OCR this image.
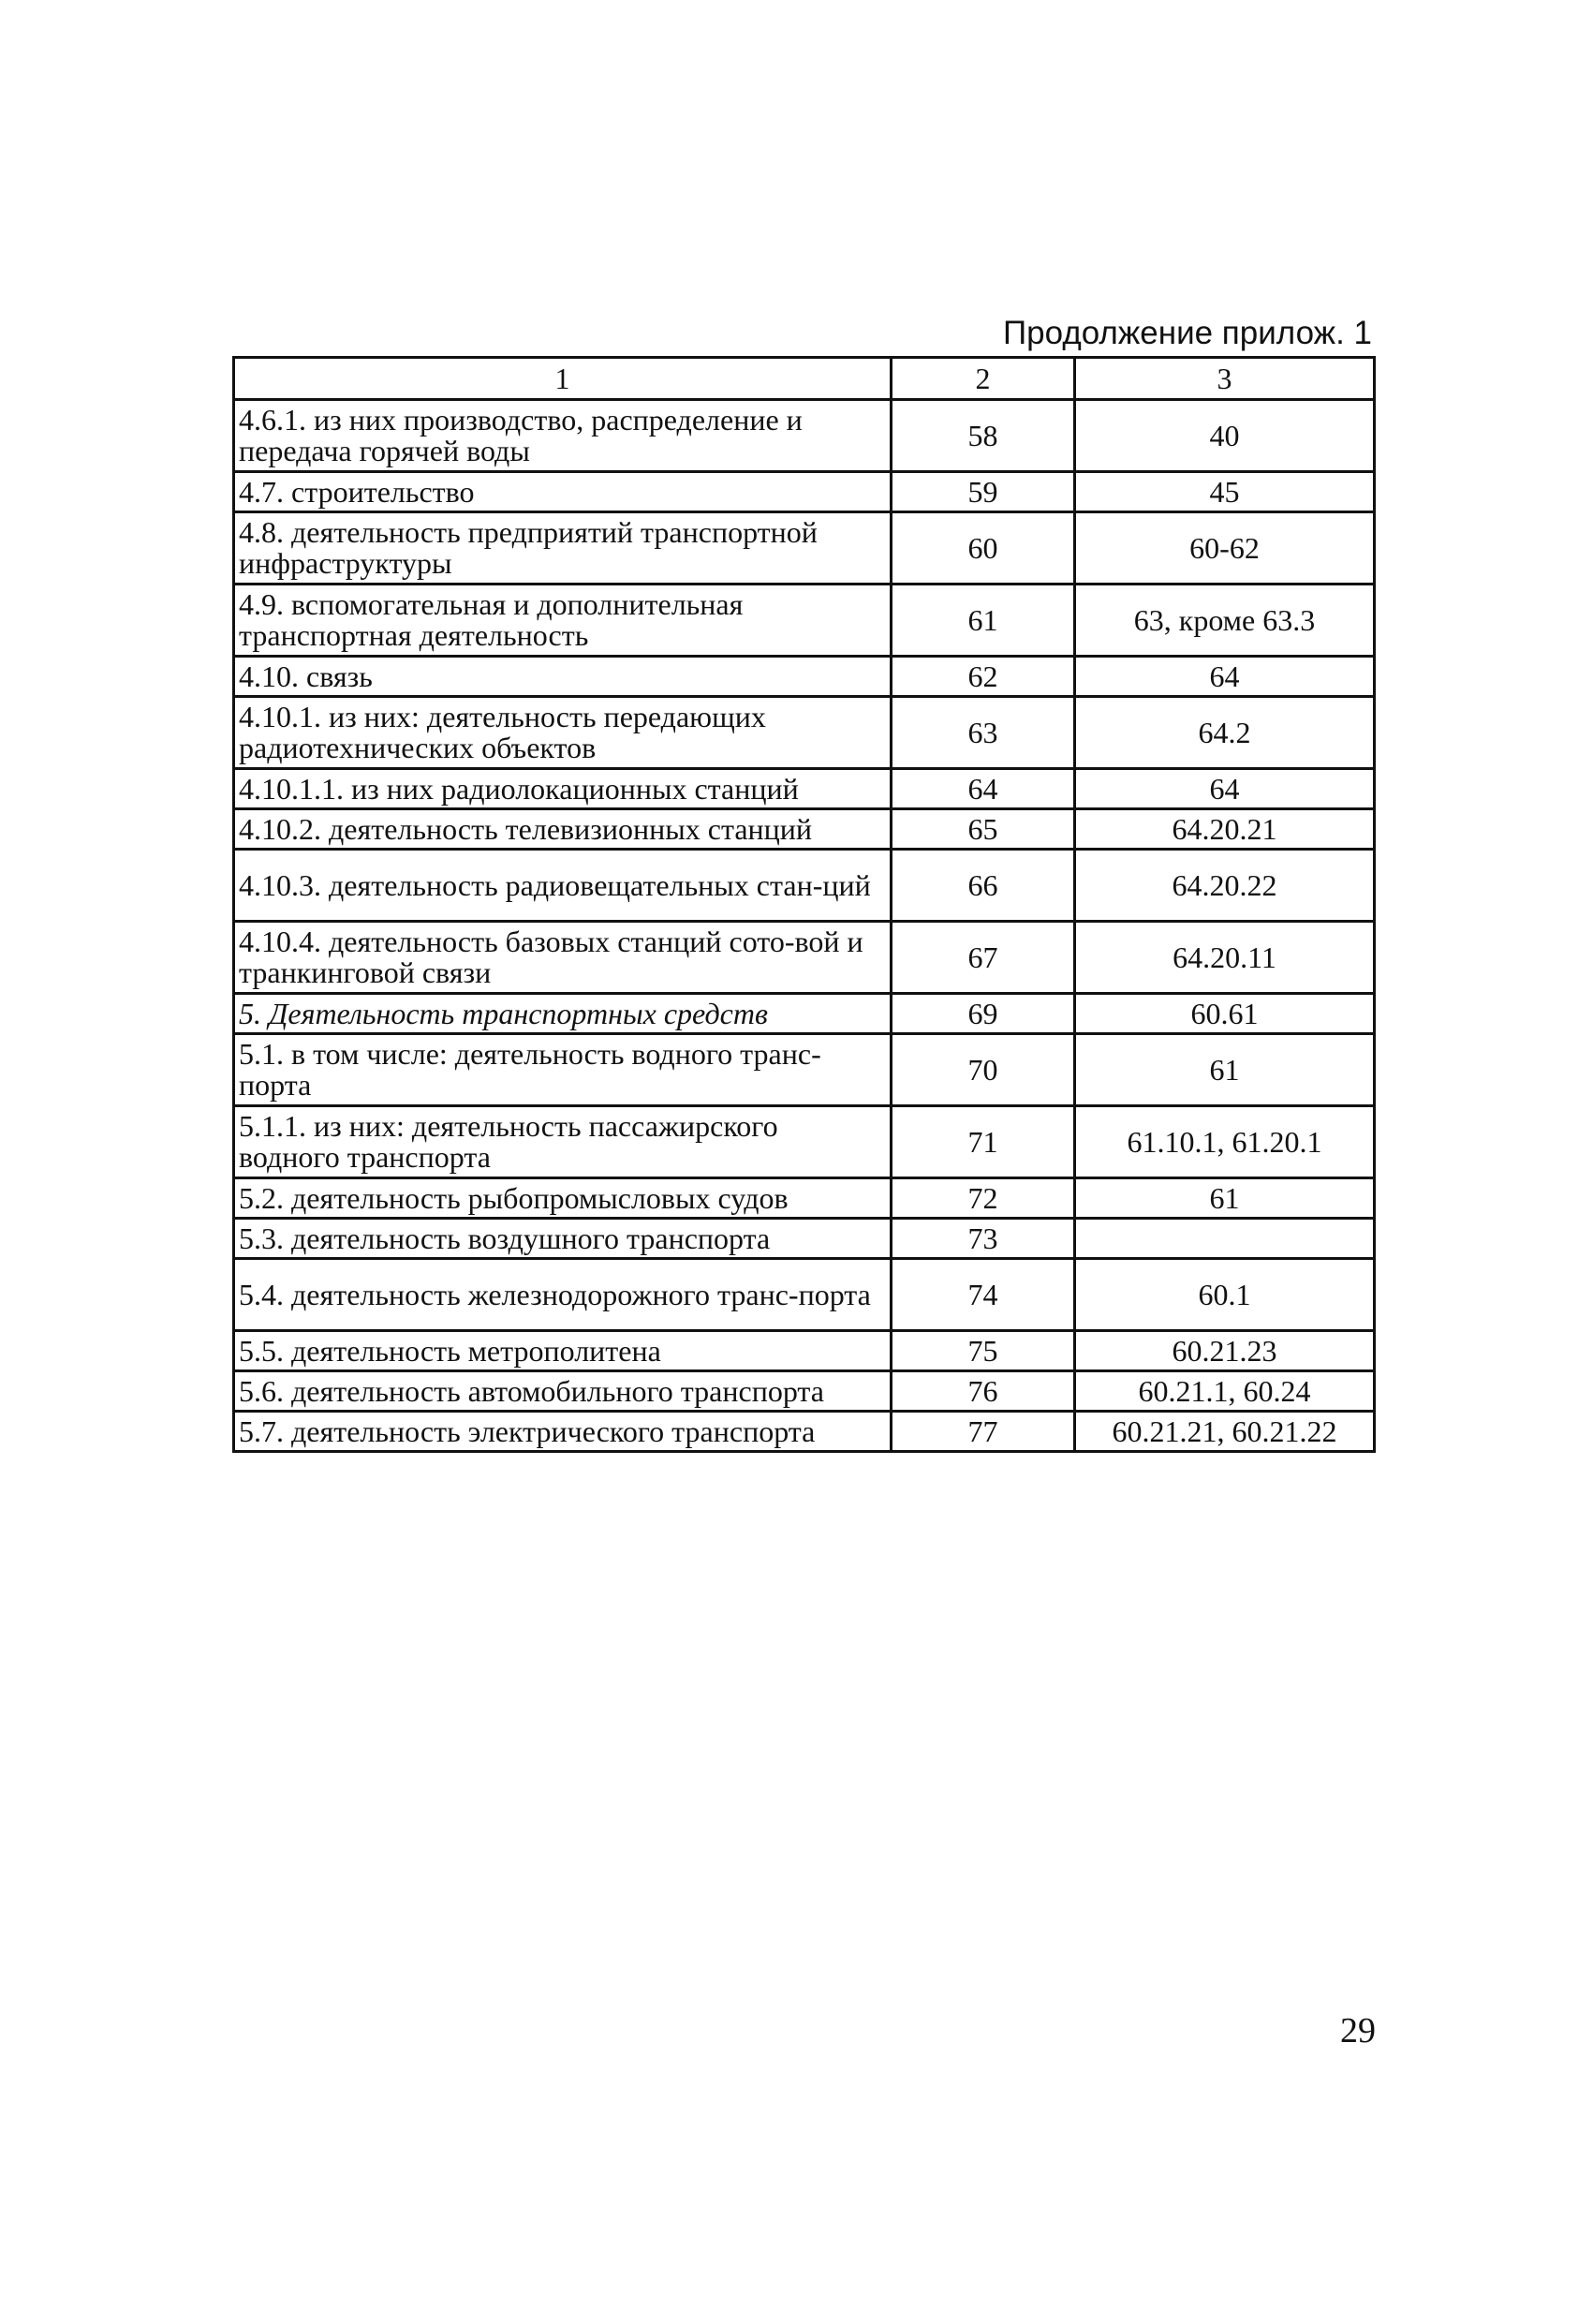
Продолжение прилож. 1
1	2	3
4.6.1. из них производство, распределение и передача горячей воды	58	40
4.7. строительство	59	45
4.8. деятельность предприятий транспортной инфраструктуры	60	60-62
4.9. вспомогательная и дополнительная транспортная деятельность	61	63, кроме 63.3
4.10. связь	62	64
4.10.1. из них: деятельность передающих радиотехнических объектов	63	64.2
4.10.1.1. из них радиолокационных станций	64	64
4.10.2. деятельность телевизионных станций	65	64.20.21
4.10.3. деятельность радиовещательных стан-ций	66	64.20.22
4.10.4. деятельность базовых станций сото-вой и транкинговой связи	67	64.20.11
5. Деятельность транспортных средств	69	60.61
5.1. в том числе: деятельность водного транс-порта	70	61
5.1.1. из них: деятельность пассажирского водного транспорта	71	61.10.1, 61.20.1
5.2. деятельность рыбопромысловых судов	72	61
5.3. деятельность воздушного транспорта	73	
5.4. деятельность железнодорожного транс-порта	74	60.1
5.5. деятельность метрополитена	75	60.21.23
5.6. деятельность автомобильного транспорта	76	60.21.1, 60.24
5.7. деятельность электрического транспорта	77	60.21.21, 60.21.22
29
